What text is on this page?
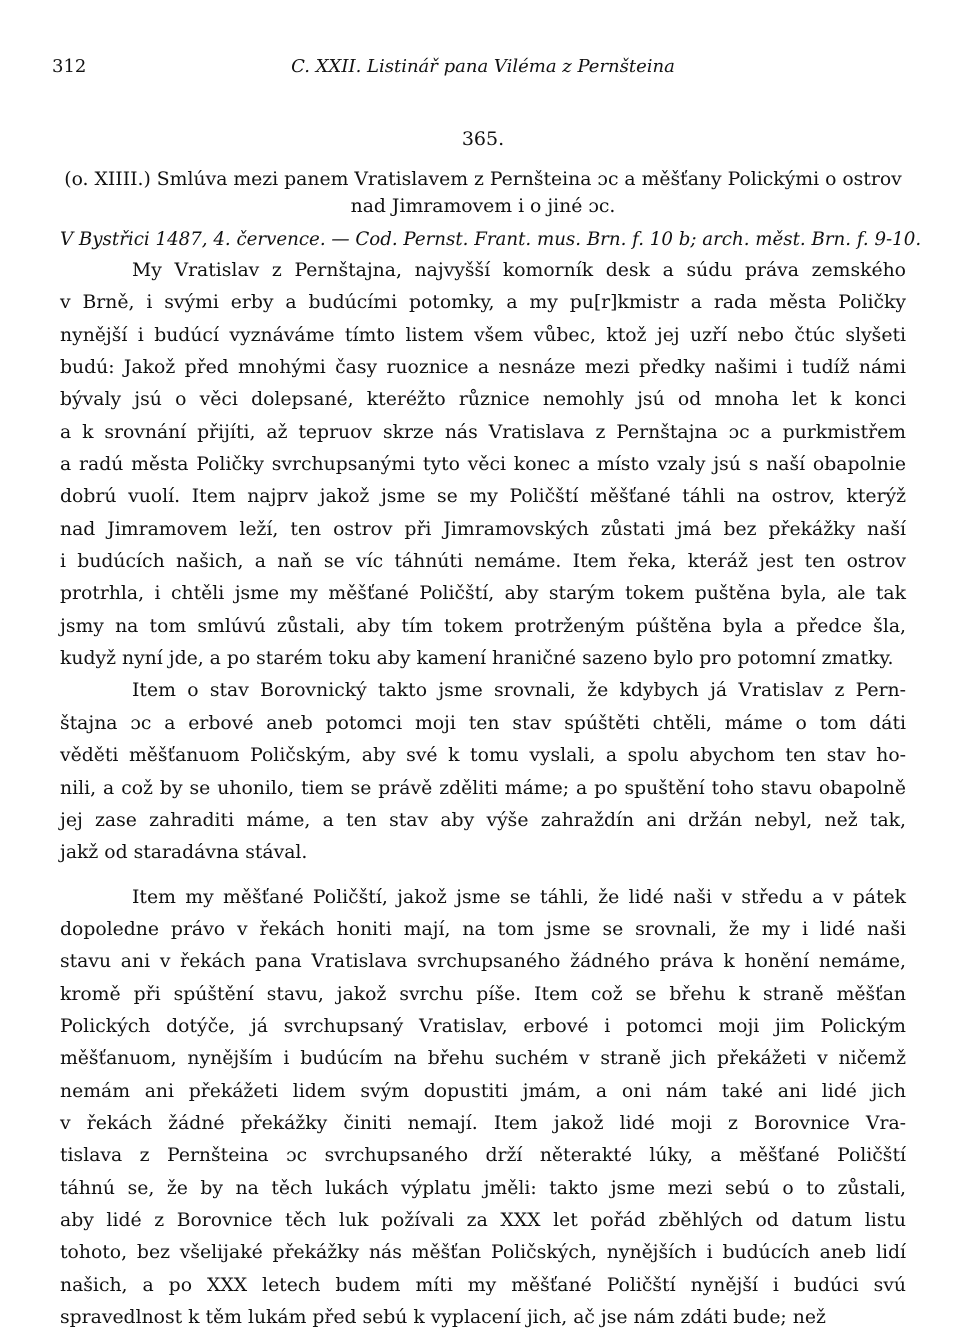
312	C. XXII. Listinář pana Viléma z Pernšteina
365.
(o. XIIII.) Smlúva mezi panem Vratislavem z Pernšteina ɔc a měšťany Polickými o ostrov
nad Jimramovem i o jiné ɔc.
V Bystřici 1487, 4. července. — Cod. Pernst. Frant. mus. Brn. f. 10 b; arch. měst. Brn. f. 9-10.
My Vratislav z Pernštajna, najvyšší komorník desk a súdu práva zemského
v Brně, i svými erby a budúcími potomky, a my pu[r]kmistr a rada města Poličky
nynější i budúcí vyznáváme tímto listem všem vůbec, ktož jej uzří nebo čtúc slyšeti
budú: Jakož před mnohými časy ruoznice a nesnáze mezi předky našimi i tudíž námi
bývaly jsú o věci dolepsané, kteréžto různice nemohly jsú od mnoha let k konci
a k srovnání přijíti, až tepruov skrze nás Vratislava z Pernštajna ɔc a purkmistřem
a radú města Poličky svrchupsanými tyto věci konec a místo vzaly jsú s naší obapolnie
dobrú vuolí. Item najprv jakož jsme se my Poličští měšťané táhli na ostrov, kterýž
nad Jimramovem leží, ten ostrov při Jimramovských zůstati jmá bez překážky naší
i budúcích našich, a naň se víc táhnúti nemáme. Item řeka, kteráž jest ten ostrov
protrhla, i chtěli jsme my měšťané Poličští, aby starým tokem puštěna byla, ale tak
jsmy na tom smlúvú zůstali, aby tím tokem protrženým púštěna byla a předce šla,
kudyž nyní jde, a po starém toku aby kamení hraničné sazeno bylo pro potomní zmatky.
Item o stav Borovnický takto jsme srovnali, že kdybych já Vratislav z Pern-
štajna ɔc a erbové aneb potomci moji ten stav spúštěti chtěli, máme o tom dáti
věděti měšťanuom Poličským, aby své k tomu vyslali, a spolu abychom ten stav ho-
nili, a což by se uhonilo, tiem se právě zděliti máme; a po spuštění toho stavu obapolně
jej zase zahraditi máme, a ten stav aby výše zahraždín ani držán nebyl, než tak,
jakž od staradávna stával.
Item my měšťané Poličští, jakož jsme se táhli, že lidé naši v středu a v pátek
dopoledne právo v řekách honiti mají, na tom jsme se srovnali, že my i lidé naši
stavu ani v řekách pana Vratislava svrchupsaného žádného práva k honění nemáme,
kromě při spúštění stavu, jakož svrchu píše. Item což se břehu k straně měšťan
Polických dotýče, já svrchupsaný Vratislav, erbové i potomci moji jim Polickým
měšťanuom, nynějším i budúcím na břehu suchém v straně jich překážeti v ničemž
nemám ani překážeti lidem svým dopustiti jmám, a oni nám také ani lidé jich
v řekách žádné překážky činiti nemají. Item jakož lidé moji z Borovnice Vra-
tislava z Pernšteina ɔc svrchupsaného drží něterakté lúky, a měšťané Poličští
táhnú se, že by na těch lukách výplatu jměli: takto jsme mezi sebú o to zůstali,
aby lidé z Borovnice těch luk požívali za XXX let pořád zběhlých od datum listu
tohoto, bez všelijaké překážky nás měšťan Poličských, nynějších i budúcích aneb lidí
našich, a po XXX letech budem míti my měšťané Poličští nynější i budúci svú
spravedlnost k těm lukám před sebú k vyplacení jich, ač jse nám zdáti bude; než
